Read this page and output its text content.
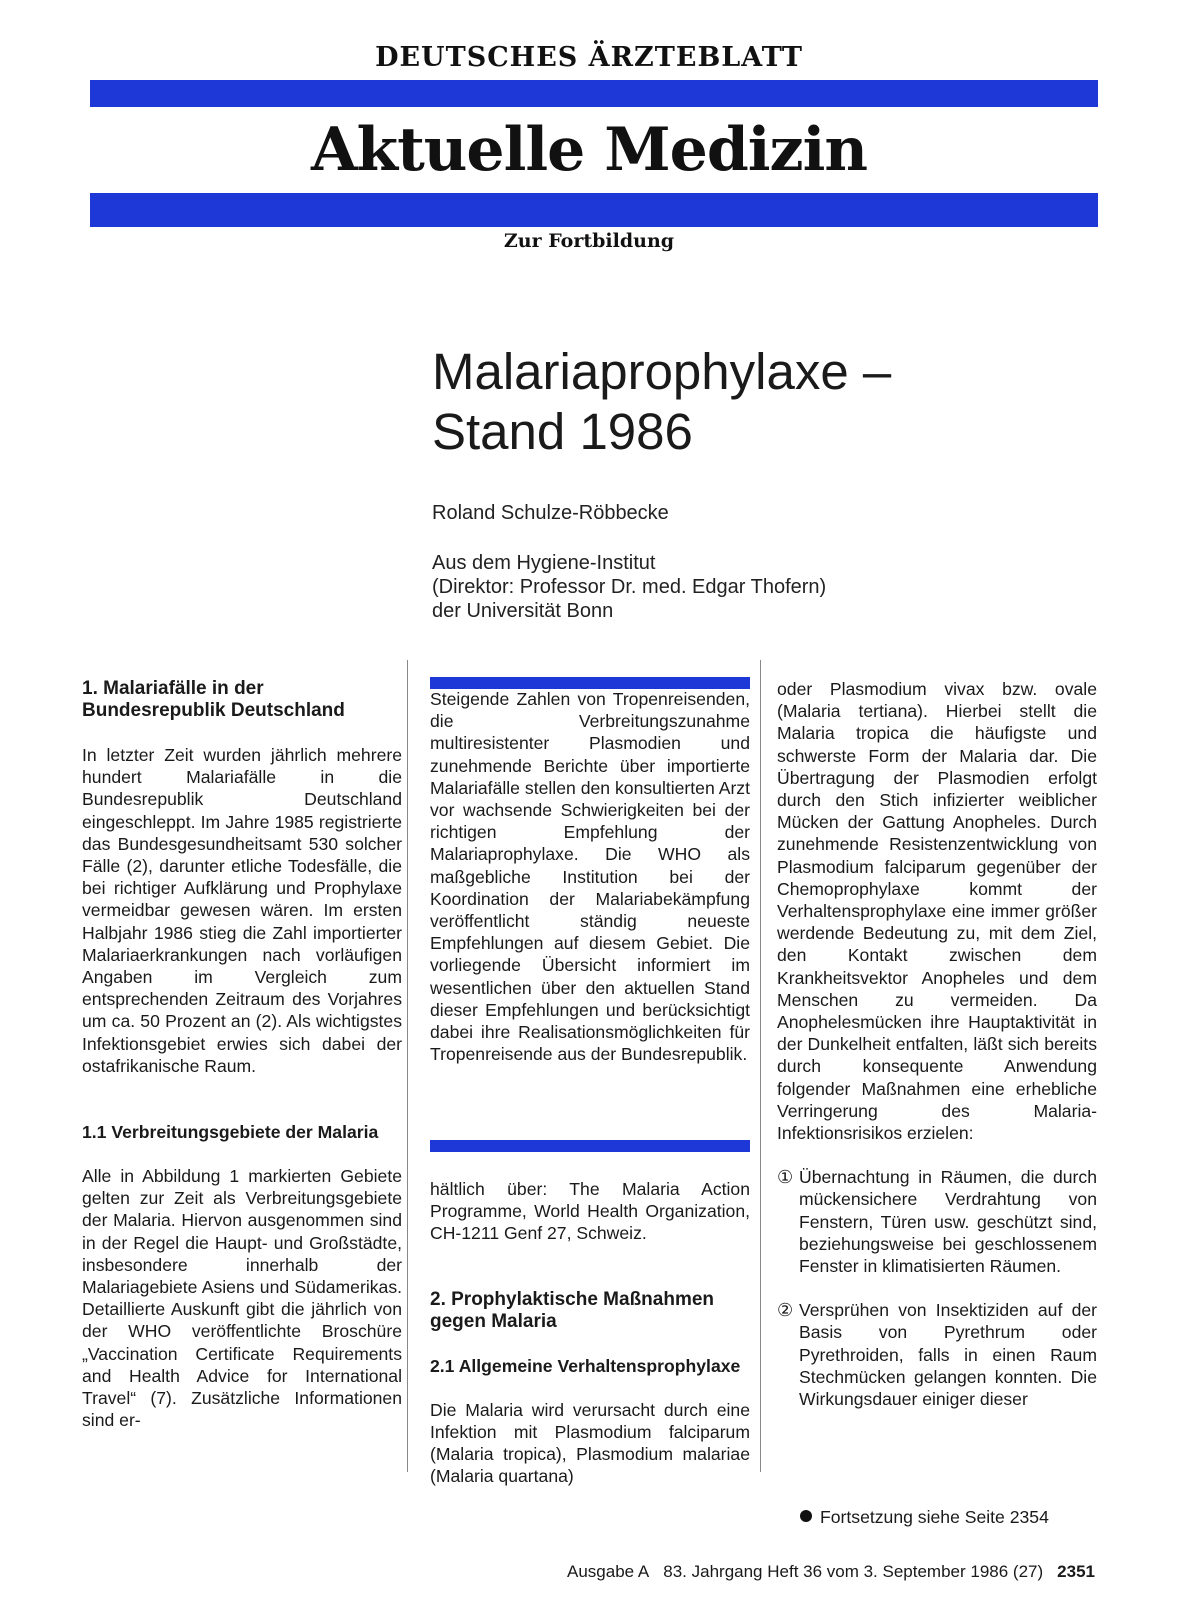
DEUTSCHES ÄRZTEBLATT
Aktuelle Medizin
Zur Fortbildung
Malariaprophylaxe –
Stand 1986
Roland Schulze-Röbbecke
Aus dem Hygiene-Institut
(Direktor: Professor Dr. med. Edgar Thofern)
der Universität Bonn
1. Malariafälle in der Bundesrepublik Deutschland

In letzter Zeit wurden jährlich mehrere hundert Malariafälle in die Bundesrepublik Deutschland eingeschleppt. Im Jahre 1985 registrierte das Bundesgesundheitsamt 530 solcher Fälle (2), darunter etliche Todesfälle, die bei richtiger Aufklärung und Prophylaxe vermeidbar gewesen wären. Im ersten Halbjahr 1986 stieg die Zahl importierter Malariaerkrankungen nach vorläufigen Angaben im Vergleich zum entsprechenden Zeitraum des Vorjahres um ca. 50 Prozent an (2). Als wichtigstes Infektionsgebiet erwies sich dabei der ostafrikanische Raum.

1.1 Verbreitungsgebiete der Malaria

Alle in Abbildung 1 markierten Gebiete gelten zur Zeit als Verbreitungsgebiete der Malaria. Hiervon ausgenommen sind in der Regel die Haupt- und Großstädte, insbesondere innerhalb der Malariagebiete Asiens und Südamerikas. Detaillierte Auskunft gibt die jährlich von der WHO veröffentlichte Broschüre „Vaccination Certificate Requirements and Health Advice for International Travel“ (7). Zusätzliche Informationen sind er-

Steigende Zahlen von Tropenreisenden, die Verbreitungszunahme multiresistenter Plasmodien und zunehmende Berichte über importierte Malariafälle stellen den konsultierten Arzt vor wachsende Schwierigkeiten bei der richtigen Empfehlung der Malariaprophylaxe. Die WHO als maßgebliche Institution bei der Koordination der Malariabekämpfung veröffentlicht ständig neueste Empfehlungen auf diesem Gebiet. Die vorliegende Übersicht informiert im wesentlichen über den aktuellen Stand dieser Empfehlungen und berücksichtigt dabei ihre Realisationsmöglichkeiten für Tropenreisende aus der Bundesrepublik.

hältlich über: The Malaria Action Programme, World Health Organization, CH-1211 Genf 27, Schweiz.

2. Prophylaktische Maßnahmen gegen Malaria
2.1 Allgemeine Verhaltensprophylaxe

Die Malaria wird verursacht durch eine Infektion mit Plasmodium falciparum (Malaria tropica), Plasmodium malariae (Malaria quartana)

oder Plasmodium vivax bzw. ovale (Malaria tertiana). Hierbei stellt die Malaria tropica die häufigste und schwerste Form der Malaria dar. Die Übertragung der Plasmodien erfolgt durch den Stich infizierter weiblicher Mücken der Gattung Anopheles. Durch zunehmende Resistenzentwicklung von Plasmodium falciparum gegenüber der Chemoprophylaxe kommt der Verhaltensprophylaxe eine immer größer werdende Bedeutung zu, mit dem Ziel, den Kontakt zwischen dem Krankheitsvektor Anopheles und dem Menschen zu vermeiden. Da Anophelesmücken ihre Hauptaktivität in der Dunkelheit entfalten, läßt sich bereits durch konsequente Anwendung folgender Maßnahmen eine erhebliche Verringerung des Malaria-Infektionsrisikos erzielen:

① Übernachtung in Räumen, die durch mückensichere Verdrahtung von Fenstern, Türen usw. geschützt sind, beziehungsweise bei geschlossenem Fenster in klimatisierten Räumen.

② Versprühen von Insektiziden auf der Basis von Pyrethrum oder Pyrethroiden, falls in einen Raum Stechmücken gelangen konnten. Die Wirkungsdauer einiger dieser

Fortsetzung siehe Seite 2354
Ausgabe A 83. Jahrgang Heft 36 vom 3. September 1986 (27) 2351
